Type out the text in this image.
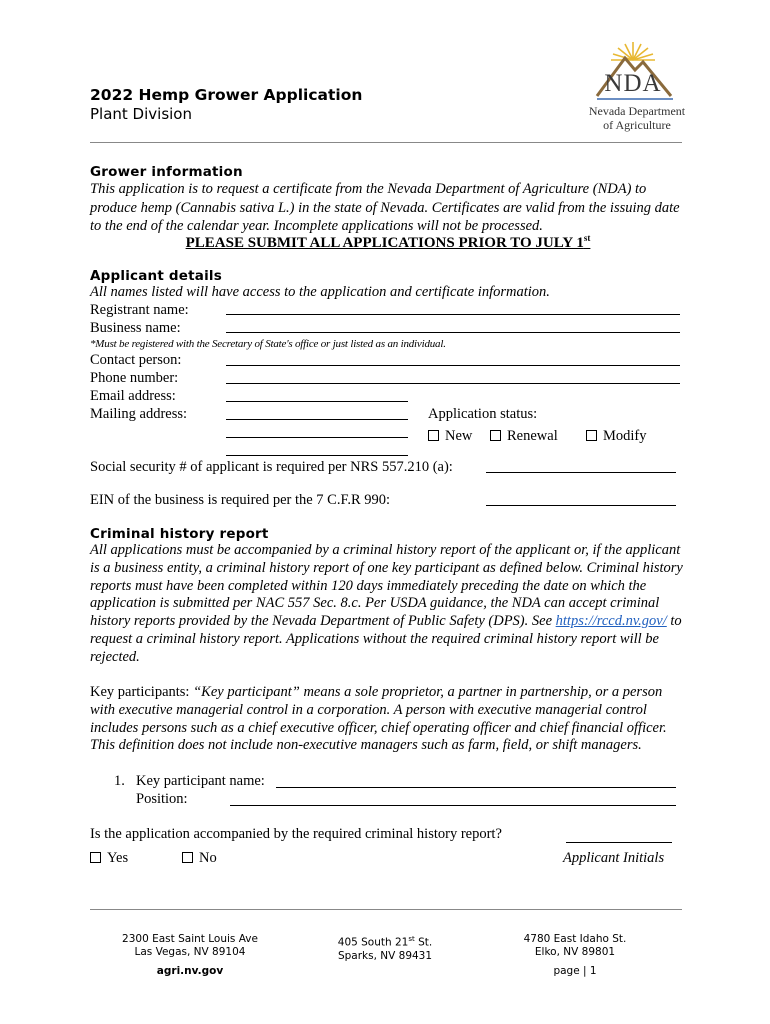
2022 Hemp Grower Application
Plant Division
NDA
Nevada Department
of Agriculture
Grower information
This application is to request a certificate from the Nevada Department of Agriculture (NDA) to produce hemp (Cannabis sativa L.) in the state of Nevada. Certificates are valid from the issuing date to the end of the calendar year. Incomplete applications will not be processed.
PLEASE SUBMIT ALL APPLICATIONS PRIOR TO JULY 1st
Applicant details
All names listed will have access to the application and certificate information.
Registrant name:
Business name:
*Must be registered with the Secretary of State's office or just listed as an individual.
Contact person:
Phone number:
Email address:
Mailing address:	Application status:
New	Renewal	Modify
Social security # of applicant is required per NRS 557.210 (a):
EIN of the business is required per the 7 C.F.R 990:
Criminal history report
All applications must be accompanied by a criminal history report of the applicant or, if the applicant is a business entity, a criminal history report of one key participant as defined below. Criminal history reports must have been completed within 120 days immediately preceding the date on which the application is submitted per NAC 557 Sec. 8.c. Per USDA guidance, the NDA can accept criminal history reports provided by the Nevada Department of Public Safety (DPS). See https://rccd.nv.gov/ to request a criminal history report. Applications without the required criminal history report will be rejected.
Key participants: “Key participant” means a sole proprietor, a partner in partnership, or a person with executive managerial control in a corporation. A person with executive managerial control includes persons such as a chief executive officer, chief operating officer and chief financial officer. This definition does not include non-executive managers such as farm, field, or shift managers.
1. Key participant name:
Position:
Is the application accompanied by the required criminal history report?
Yes	No	Applicant Initials
2300 East Saint Louis Ave
Las Vegas, NV 89104
405 South 21st St.
Sparks, NV 89431
4780 East Idaho St.
Elko, NV 89801
agri.nv.gov	page | 1
